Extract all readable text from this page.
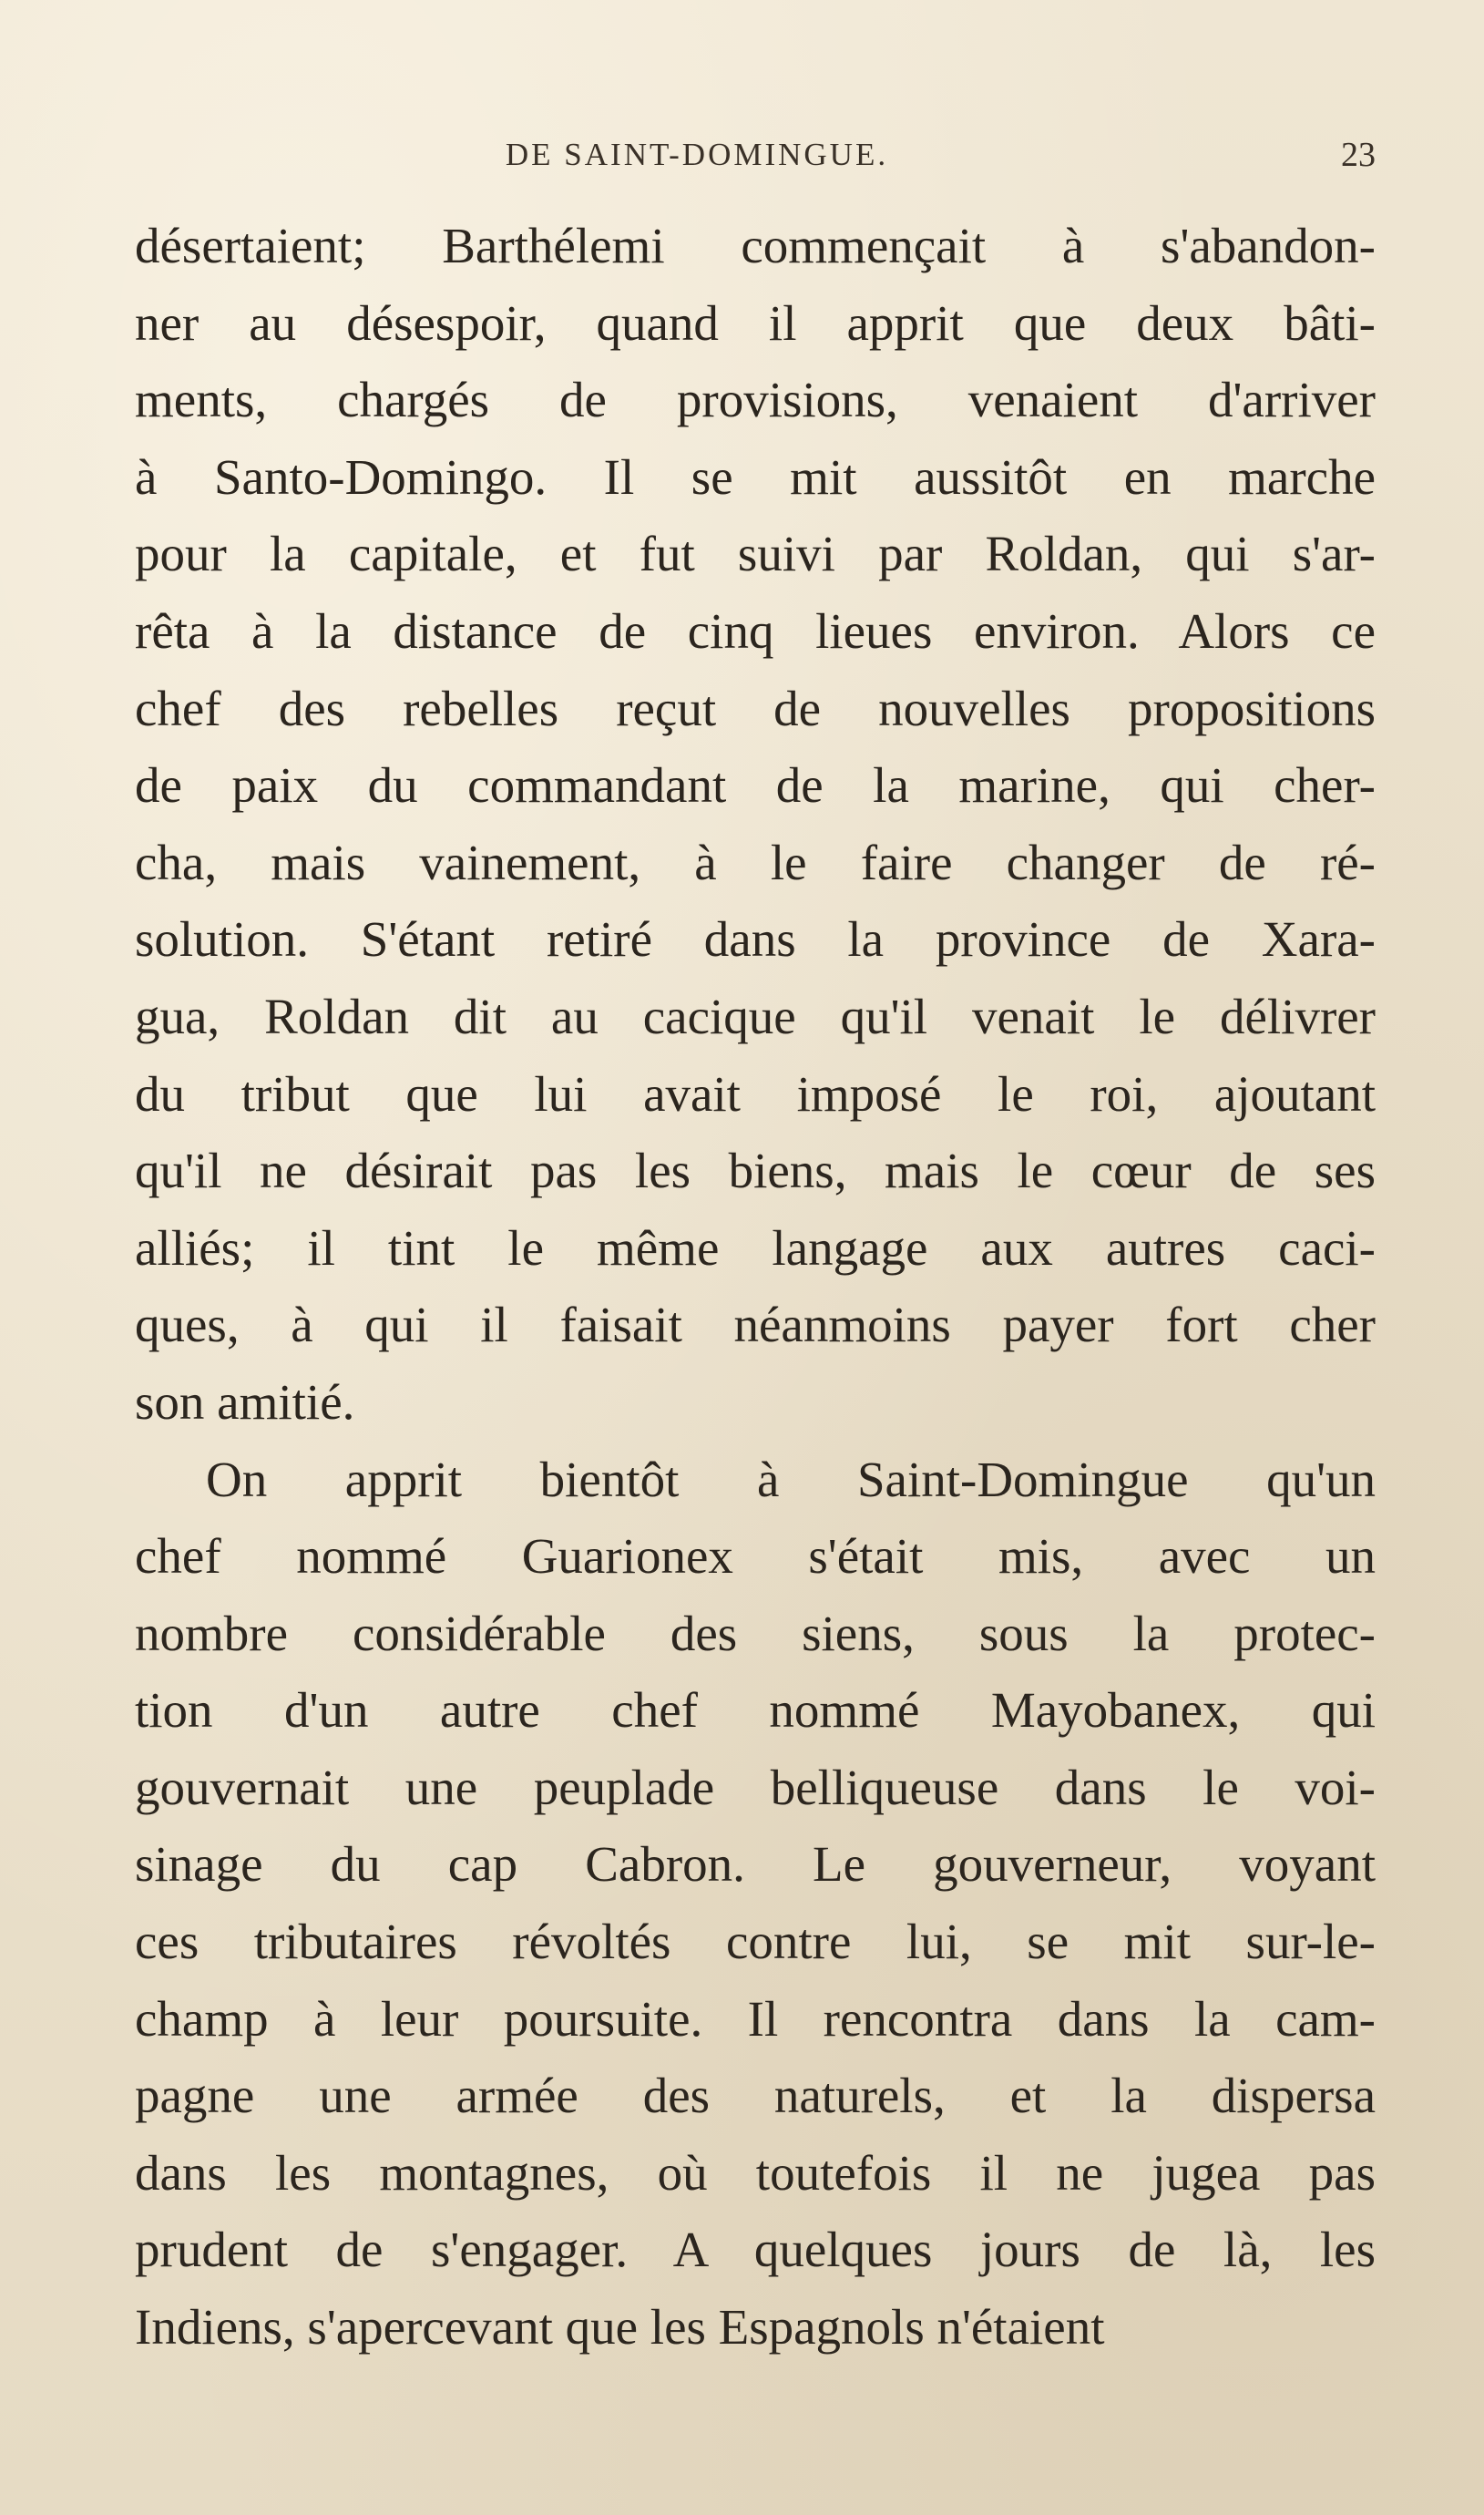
DE SAINT-DOMINGUE.	23
désertaient; Barthélemi commençait à s'abandon-
ner au désespoir, quand il apprit que deux bâti-
ments, chargés de provisions, venaient d'arriver
à Santo-Domingo. Il se mit aussitôt en marche
pour la capitale, et fut suivi par Roldan, qui s'ar-
rêta à la distance de cinq lieues environ. Alors ce
chef des rebelles reçut de nouvelles propositions
de paix du commandant de la marine, qui cher-
cha, mais vainement, à le faire changer de ré-
solution. S'étant retiré dans la province de Xara-
gua, Roldan dit au cacique qu'il venait le délivrer
du tribut que lui avait imposé le roi, ajoutant
qu'il ne désirait pas les biens, mais le cœur de ses
alliés; il tint le même langage aux autres caci-
ques, à qui il faisait néanmoins payer fort cher
son amitié.
On apprit bientôt à Saint-Domingue qu'un
chef nommé Guarionex s'était mis, avec un
nombre considérable des siens, sous la protec-
tion d'un autre chef nommé Mayobanex, qui
gouvernait une peuplade belliqueuse dans le voi-
sinage du cap Cabron. Le gouverneur, voyant
ces tributaires révoltés contre lui, se mit sur-le-
champ à leur poursuite. Il rencontra dans la cam-
pagne une armée des naturels, et la dispersa
dans les montagnes, où toutefois il ne jugea pas
prudent de s'engager. A quelques jours de là, les
Indiens, s'apercevant que les Espagnols n'étaient
